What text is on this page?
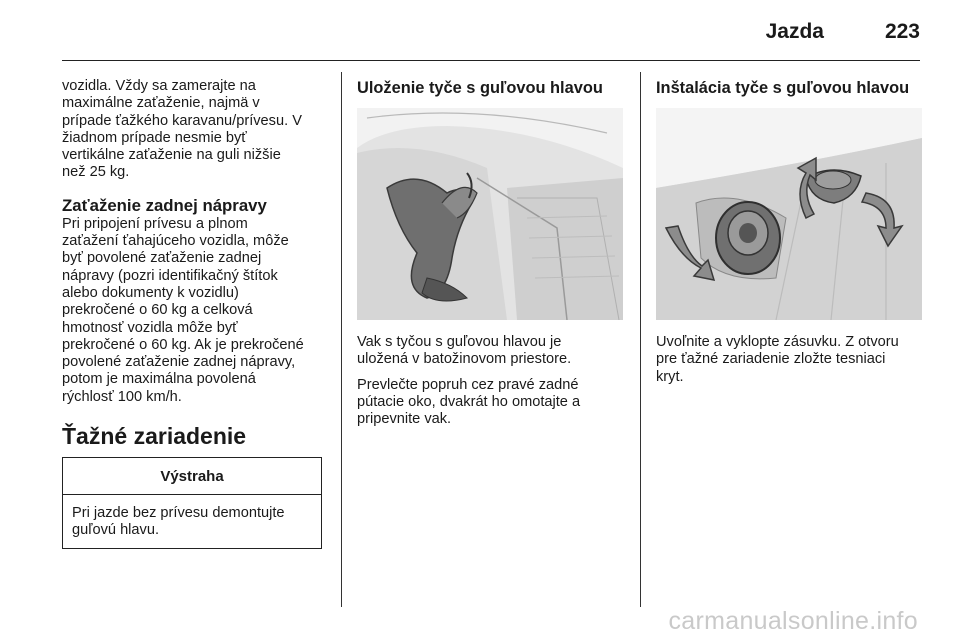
Jazda	223

vozidla. Vždy sa zamerajte na
maximálne zaťaženie, najmä v
prípade ťažkého karavanu/prívesu. V
žiadnom prípade nesmie byť
vertikálne zaťaženie na guli nižšie
než 25 kg.

Zaťaženie zadnej nápravy

Pri pripojení prívesu a plnom
zaťažení ťahajúceho vozidla, môže
byť povolené zaťaženie zadnej
nápravy (pozri identifikačný štítok
alebo dokumenty k vozidlu)
prekročené o 60 kg a celková
hmotnosť vozidla môže byť
prekročené o 60 kg. Ak je prekročené
povolené zaťaženie zadnej nápravy,
potom je maximálna povolená
rýchlosť 100 km/h.

Ťažné zariadenie
Výstraha
Pri jazde bez prívesu demontujte
guľovú hlavu.
Uloženie tyče s guľovou hlavou

Vak s tyčou s guľovou hlavou je
uložená v batožinovom priestore.

Prevlečte popruh cez pravé zadné
pútacie oko, dvakrát ho omotajte a
pripevnite vak.

Inštalácia tyče s guľovou hlavou

Uvoľnite a vyklopte zásuvku. Z otvoru
pre ťažné zariadenie zložte tesniaci
kryt.

carmanualsonline.info
